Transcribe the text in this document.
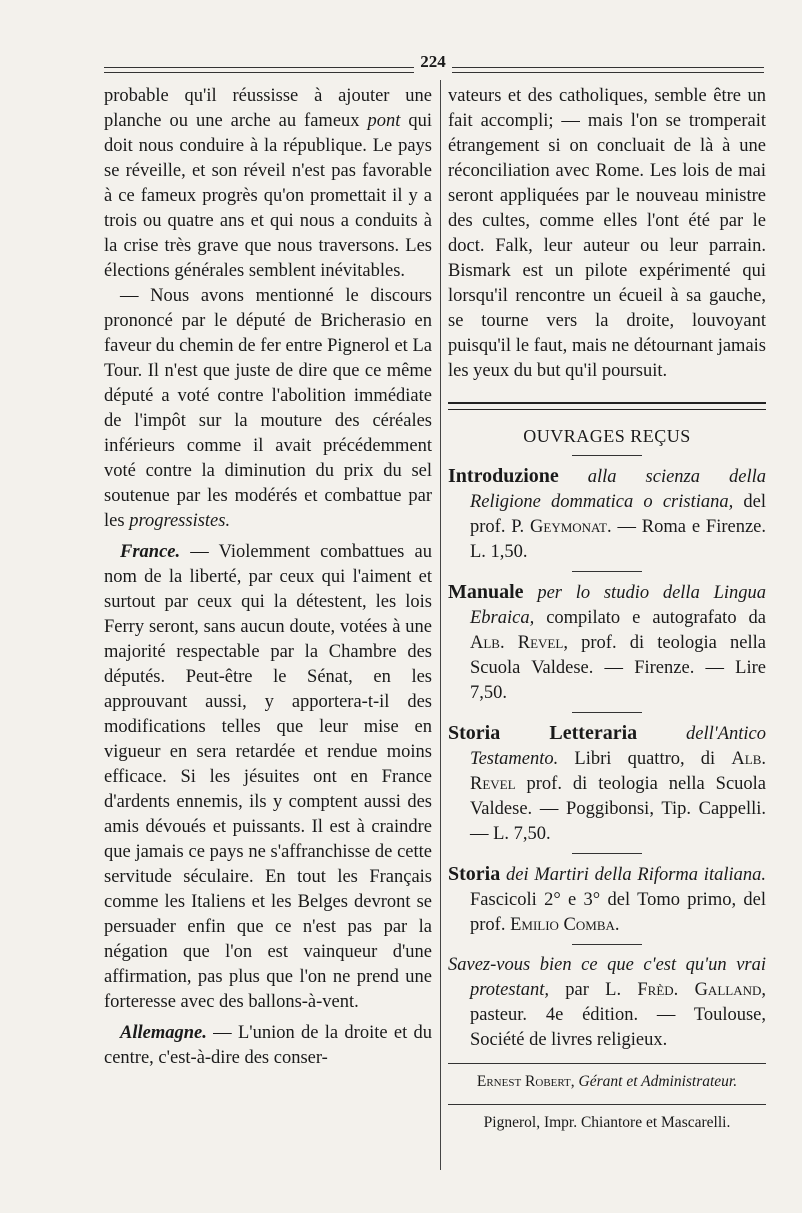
224

probable qu'il réussisse à ajouter une planche ou une arche au fameux pont qui doit nous conduire à la république. Le pays se réveille, et son réveil n'est pas favorable à ce fameux progrès qu'on promettait il y a trois ou quatre ans et qui nous a conduits à la crise très grave que nous traversons. Les élections générales semblent inévitables.

— Nous avons mentionné le discours prononcé par le député de Bricherasio en faveur du chemin de fer entre Pignerol et La Tour. Il n'est que juste de dire que ce même député a voté contre l'abolition immédiate de l'impôt sur la mouture des céréales inférieurs comme il avait précédemment voté contre la diminution du prix du sel soutenue par les modérés et combattue par les progressistes.

France. — Violemment combattues au nom de la liberté, par ceux qui l'aiment et surtout par ceux qui la détestent, les lois Ferry seront, sans aucun doute, votées à une majorité respectable par la Chambre des députés. Peut-être le Sénat, en les approuvant aussi, y apportera-t-il des modifications telles que leur mise en vigueur en sera retardée et rendue moins efficace. Si les jésuites ont en France d'ardents ennemis, ils y comptent aussi des amis dévoués et puissants. Il est à craindre que jamais ce pays ne s'affranchisse de cette servitude séculaire. En tout les Français comme les Italiens et les Belges devront se persuader enfin que ce n'est pas par la négation que l'on est vainqueur d'une affirmation, pas plus que l'on ne prend une forteresse avec des ballons-à-vent.

Allemagne. — L'union de la droite et du centre, c'est-à-dire des conser-

vateurs et des catholiques, semble être un fait accompli; — mais l'on se tromperait étrangement si on concluait de là à une réconciliation avec Rome. Les lois de mai seront appliquées par le nouveau ministre des cultes, comme elles l'ont été par le doct. Falk, leur auteur ou leur parrain. Bismark est un pilote expérimenté qui lorsqu'il rencontre un écueil à sa gauche, se tourne vers la droite, louvoyant puisqu'il le faut, mais ne détournant jamais les yeux du but qu'il poursuit.

OUVRAGES REÇUS

Introduzione alla scienza della Religione dommatica o cristiana, del prof. P. Geymonat. — Roma e Firenze. L. 1,50.

Manuale per lo studio della Lingua Ebraica, compilato e autografato da Alb. Revel, prof. di teologia nella Scuola Valdese. — Firenze. — Lire 7,50.

Storia Letteraria	dell'Antico Testamento. Libri quattro, di Alb. Revel prof. di teologia nella Scuola Valdese. — Poggibonsi, Tip. Cappelli. — L. 7,50.

Storia dei Martiri della Riforma italiana. Fascicoli 2° e 3° del Tomo primo, del prof. Emilio Comba.

Savez-vous bien ce que c'est qu'un vrai protestant, par L. Frèd. Galland, pasteur. 4e édition. — Toulouse, Société de livres religieux.

Ernest Robert, Gérant et Administrateur.
Pignerol, Impr. Chiantore et Mascarelli.
